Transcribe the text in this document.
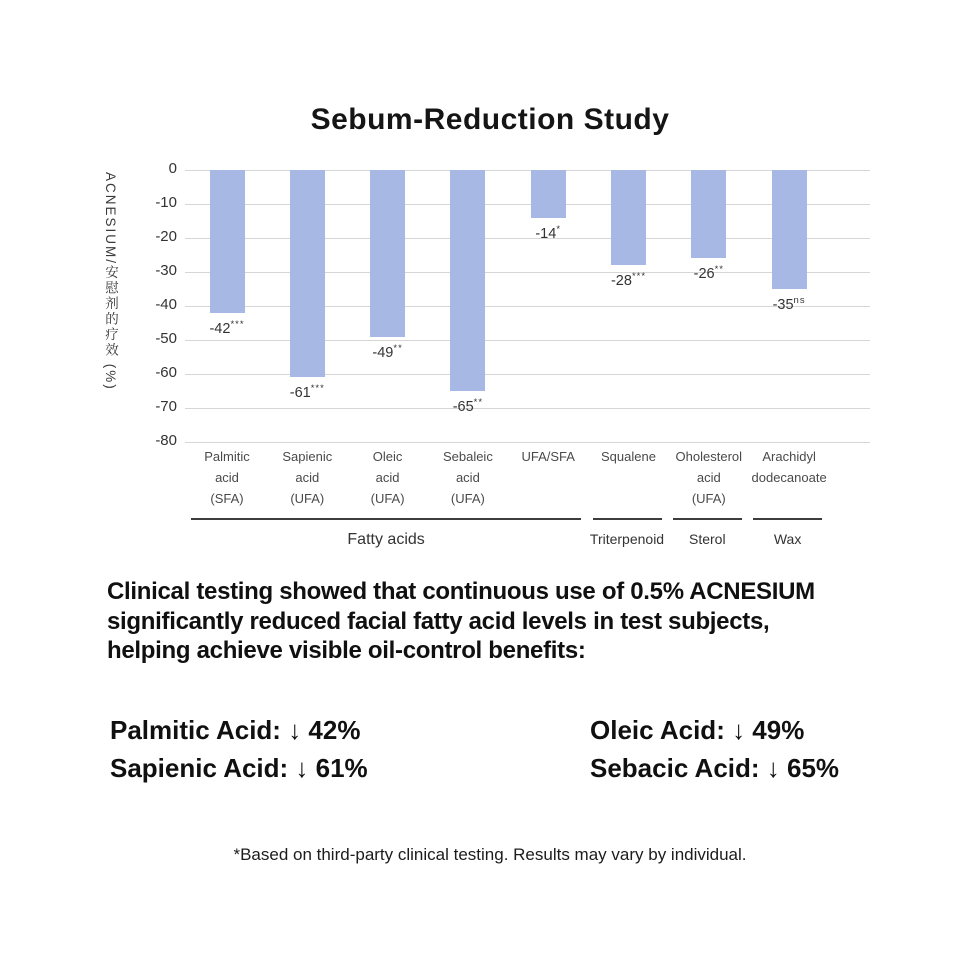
Sebum-Reduction Study
ACNESIUM/安慰剂的疗效 (%)	-42***
-61***
-49**
-65**
-14*
-28***	-26**
$-35^{ns}$
Palmitic
acid
(SFA)
Sapienic
acid
(UFA)
Oleic
acid
(UFA)
Sebaleic
acid
(UFA)
UFA/SFA	Squalene	Oholesterol
acid
(UFA)
Arachidyl
dodecanoate
Fatty acids	Triterpenoid	Sterol	Wax
Clinical testing showed that continuous use of 0.5% ACNESIUM
significantly reduced facial fatty acid levels in test subjects,
helping achieve visible oil-control benefits:
Palmitic Acid: ↓ 42%
Sapienic Acid: ↓ 61%
Oleic Acid: ↓ 49%
Sebacic Acid: ↓ 65%
*Based on third-party clinical testing. Results may vary by individual.
0
-10
-20
-30
-40
-50
-60
-70
-80
